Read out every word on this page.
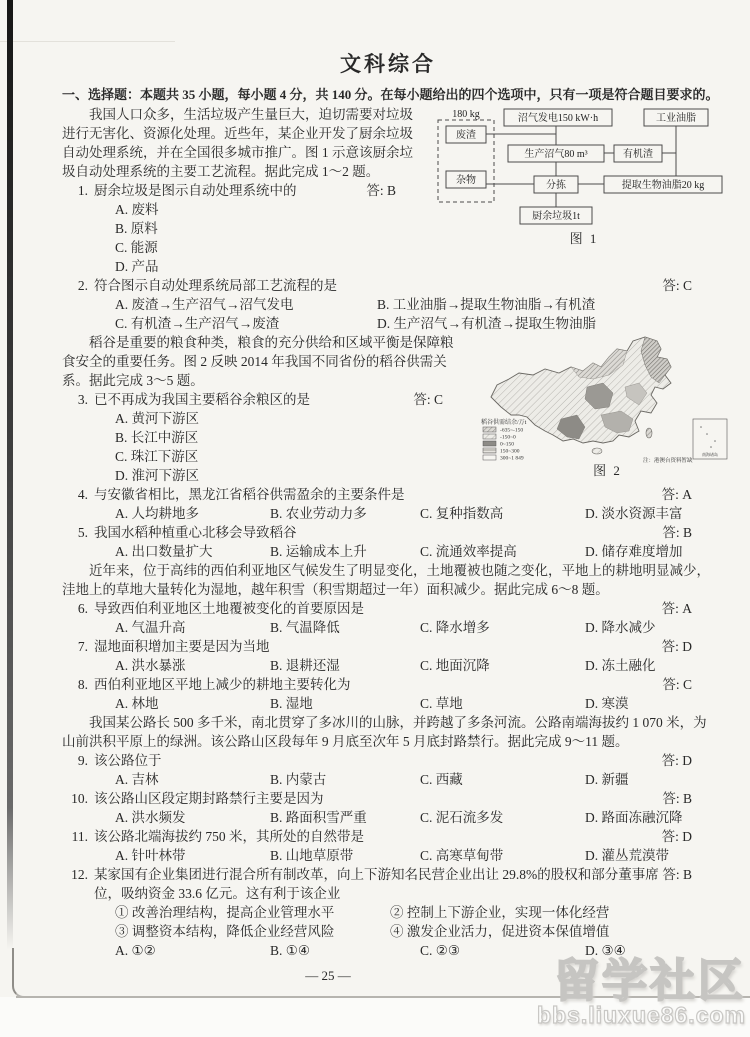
文科综合
一、选择题：本题共 35 小题，每小题 4 分，共 140 分。在每小题给出的四个选项中，只有一项是符合题目要求的。
180 kg	沼气发电150 kW·h	工业油脂
废渣
生产沼气80 m³	有机渣
杂物	分拣	提取生物油脂20 kg
厨余垃圾1t
图 1

我国人口众多，生活垃圾产生量巨大，迫切需要对垃圾进行无害化、资源化处理。近些年，某企业开发了厨余垃圾自动处理系统，并在全国很多城市推广。图 1 示意该厨余垃圾自动处理系统的主要工艺流程。据此完成 1～2 题。

1. 厨余垃圾是图示自动处理系统中的	答: B
A. 废料
B. 原料
C. 能源
D. 产品
2. 符合图示自动处理系统局部工艺流程的是	答: C
A. 废渣→生产沼气→沼气发电	B. 工业油脂→提取生物油脂→有机渣
C. 有机渣→生产沼气→废渣	D. 生产沼气→有机渣→提取生物油脂
稻谷供需结余/万t
-635~-150
-150~0
0~150
150~300
300~1 849
南海诸岛
注：港澳台资料暂缺
图 2

稻谷是重要的粮食种类，粮食的充分供给和区域平衡是保障粮食安全的重要任务。图 2 反映 2014 年我国不同省份的稻谷供需关系。据此完成 3～5 题。

3. 已不再成为我国主要稻谷余粮区的是	答: C
A. 黄河下游区
B. 长江中游区
C. 珠江下游区
D. 淮河下游区
4. 与安徽省相比，黑龙江省稻谷供需盈余的主要条件是	答: A
A. 人均耕地多	B. 农业劳动力多	C. 复种指数高	D. 淡水资源丰富
5. 我国水稻种植重心北移会导致稻谷	答: B
A. 出口数量扩大	B. 运输成本上升	C. 流通效率提高	D. 储存难度增加

近年来，位于高纬的西伯利亚地区气候发生了明显变化，土地覆被也随之变化，平地上的耕地明显减少，洼地上的草地大量转化为湿地，越年积雪（积雪期超过一年）面积减少。据此完成 6～8 题。

6. 导致西伯利亚地区土地覆被变化的首要原因是	答: A
A. 气温升高	B. 气温降低	C. 降水增多	D. 降水减少
7. 湿地面积增加主要是因为当地	答: D
A. 洪水暴涨	B. 退耕还湿	C. 地面沉降	D. 冻土融化
8. 西伯利亚地区平地上减少的耕地主要转化为	答: C
A. 林地	B. 湿地	C. 草地	D. 寒漠

我国某公路长 500 多千米，南北贯穿了多冰川的山脉，并跨越了多条河流。公路南端海拔约 1 070 米，为山前洪积平原上的绿洲。该公路山区段每年 9 月底至次年 5 月底封路禁行。据此完成 9～11 题。

9. 该公路位于	答: D
A. 吉林	B. 内蒙古	C. 西藏	D. 新疆
10. 该公路山区段定期封路禁行主要是因为	答: B
A. 洪水频发	B. 路面积雪严重	C. 泥石流多发	D. 路面冻融沉降
11. 该公路北端海拔约 750 米，其所处的自然带是	答: D
A. 针叶林带	B. 山地草原带	C. 高寒草甸带	D. 灌丛荒漠带
12.	答: B
某家国有企业集团进行混合所有制改革，向上下游知名民营企业出让 29.8%的股权和部分董事席位，吸纳资金 33.6 亿元。这有利于该企业
① 改善治理结构，提高企业管理水平	② 控制上下游企业，实现一体化经营
③ 调整资本结构，降低企业经营风险	④ 激发企业活力，促进资本保值增值
A. ①②	B. ①④	C. ②③	D. ③④
— 25 —	留学社区
bbs.liuxue86.com
